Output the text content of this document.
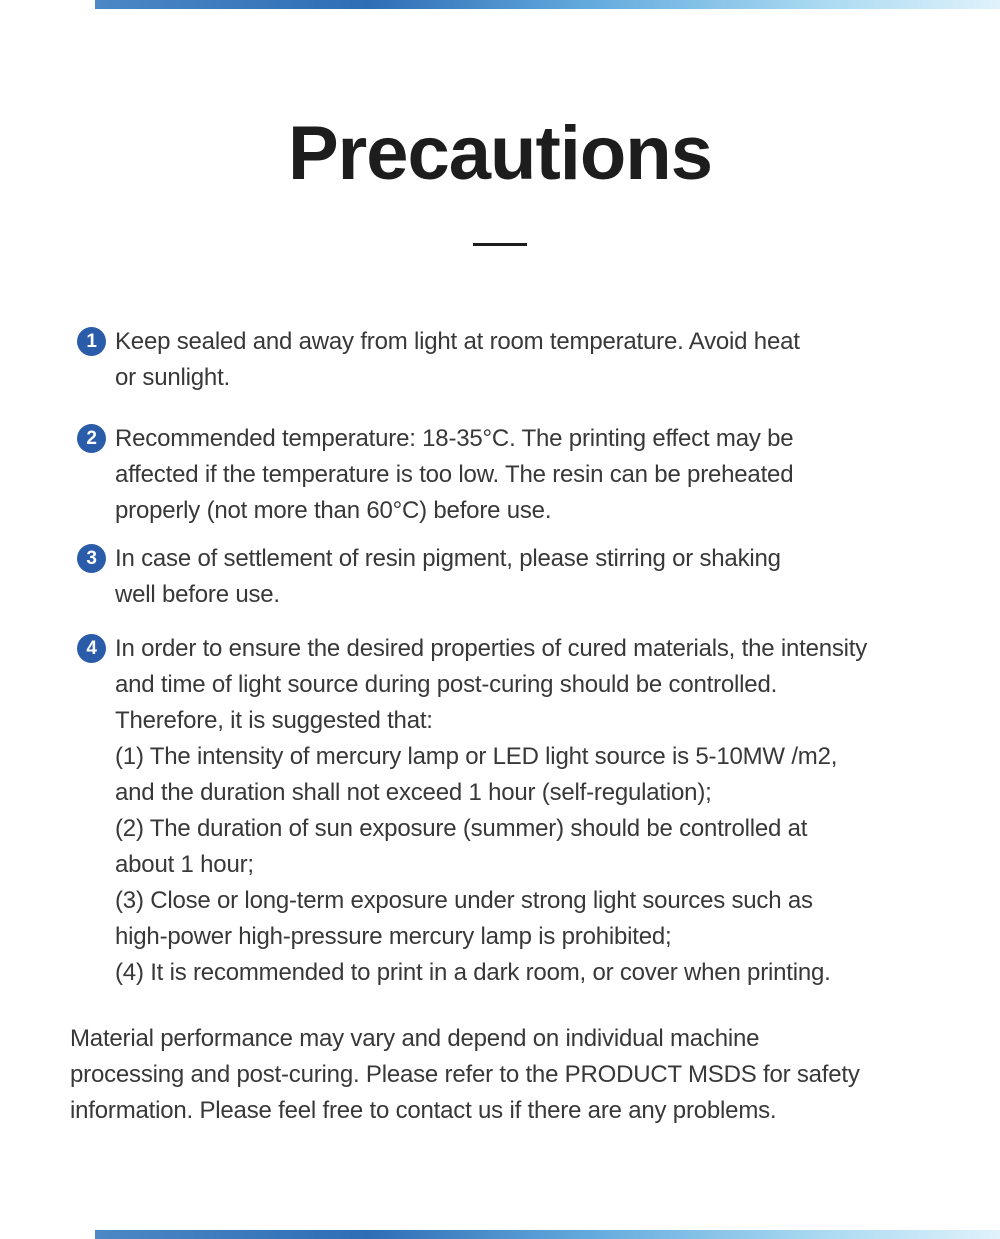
Precautions
1 Keep sealed and away from light at room temperature. Avoid heat
or sunlight.
2 Recommended temperature: 18-35°C. The printing effect may be
affected if the temperature is too low. The resin can be preheated
properly (not more than 60°C) before use.
3 In case of settlement of resin pigment, please stirring or shaking
well before use.
4 In order to ensure the desired properties of cured materials, the intensity
and time of light source during post-curing should be controlled.
Therefore, it is suggested that:
(1) The intensity of mercury lamp or LED light source is 5-10MW /m2,
and the duration shall not exceed 1 hour (self-regulation);
(2) The duration of sun exposure (summer) should be controlled at
about 1 hour;
(3) Close or long-term exposure under strong light sources such as
high-power high-pressure mercury lamp is prohibited;
(4) It is recommended to print in a dark room, or cover when printing.
Material performance may vary and depend on individual machine
processing and post-curing. Please refer to the PRODUCT MSDS for safety
information. Please feel free to contact us if there are any problems.
